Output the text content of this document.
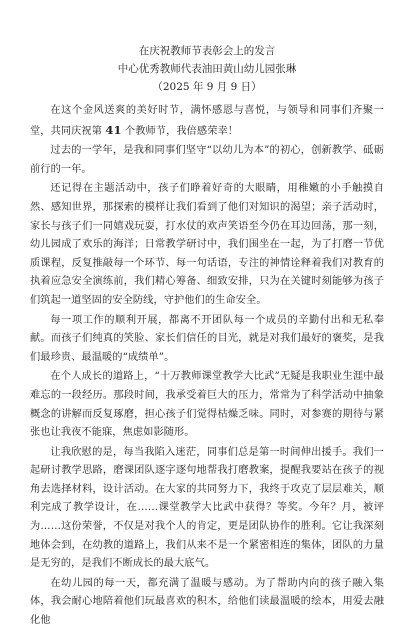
在庆祝教师节表彰会上的发言
中心优秀教师代表油田黄山幼儿园张琳
（2025 年 9 月 9 日）

在这个金风送爽的美好时节，满怀感恩与喜悦，与领导和同事们齐聚一堂，共同庆祝第 41 个教师节，我倍感荣幸！

过去的一学年，是我和同事们坚守“以幼儿为本”的初心，创新教学、砥砺前行的一年。

还记得在主题活动中，孩子们睁着好奇的大眼睛，用稚嫩的小手触摸自然、感知世界，那探索的模样让我们看到了他们对知识的渴望；亲子活动时，家长与孩子们一同嬉戏玩耍，打水仗的欢声笑语至今仍在耳边回荡，那一刻，幼儿园成了欢乐的海洋；日常教学研讨中，我们围坐在一起，为了打磨一节优质课程，反复推敲每一个环节、每一句话语，专注的神情诠释着我们对教育的执着应急安全演练前，我们精心筹备、细致安排，只为在关键时刻能够为孩子们筑起一道坚固的安全防线，守护他们的生命安全。

每一项工作的顺利开展，都离不开团队每一个成员的辛勤付出和无私奉献。而孩子们纯真的笑脸、家长们信任的目光，就是对我们最好的褒奖，是我们最珍贵、最温暖的“成绩单”。

在个人成长的道路上，“十万教师课堂教学大比武”无疑是我职业生涯中最难忘的一段经历。那段时间，我承受着巨大的压力，常常为了科学活动中抽象概念的讲解而反复琢磨，担心孩子们觉得枯燥乏味。同时，对参赛的期待与紧张也让我夜不能寐，焦虑如影随形。

让我欣慰的是，每当我陷入迷茫，同事们总是第一时间伸出援手。我们一起研讨教学思路，磨课团队逐字逐句地帮我打磨教案，提醒我要站在孩子的视角去选择材料，设计活动。在大家的共同努力下，我终于攻克了层层难关，顺利完成了教学设计，在……课堂教学大比武中获得？等奖。今年？月，被评为……这份荣誉，不仅是对我个人的肯定，更是团队协作的胜利。它让我深刻地体会到，在幼教的道路上，我们从来不是一个紧密相连的集体，团队的力量是无穷的，是我们不断成长的最大底气。

在幼儿园的每一天，都充满了温暖与感动。为了帮助内向的孩子融入集体，我会耐心地陪着他们玩最喜欢的积木，给他们读最温暖的绘本，用爱去融化他
